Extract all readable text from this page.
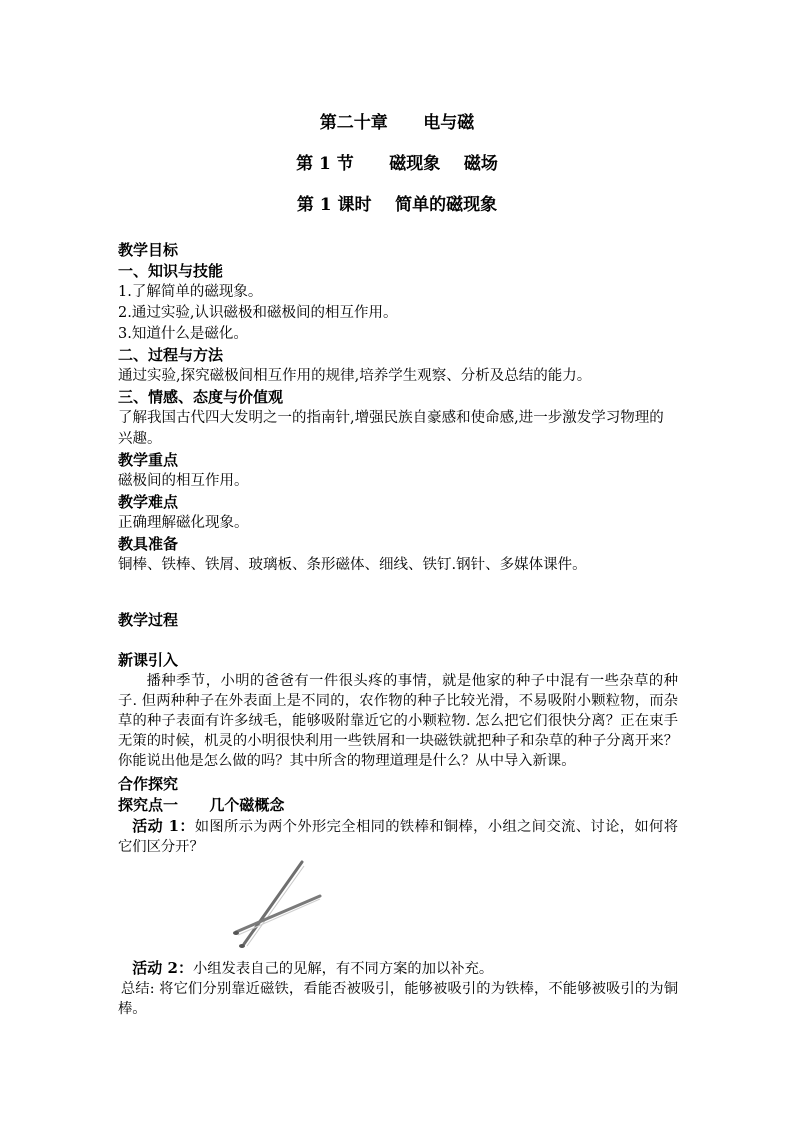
第二十章      电与磁
第 1 节      磁现象    磁场
第 1 课时    简单的磁现象
教学目标
一、知识与技能
1.了解简单的磁现象。
2.通过实验,认识磁极和磁极间的相互作用。
3.知道什么是磁化。
二、过程与方法
通过实验,探究磁极间相互作用的规律,培养学生观察、分析及总结的能力。
三、情感、态度与价值观
了解我国古代四大发明之一的指南针,增强民族自豪感和使命感,进一步激发学习物理的兴趣。
教学重点
磁极间的相互作用。
教学难点
正确理解磁化现象。
教具准备
铜棒、铁棒、铁屑、玻璃板、条形磁体、细线、铁钉.钢针、多媒体课件。
教学过程
新课引入
播种季节，小明的爸爸有一件很头疼的事情，就是他家的种子中混有一些杂草的种子. 但两种种子在外表面上是不同的，农作物的种子比较光滑，不易吸附小颗粒物，而杂草的种子表面有许多绒毛，能够吸附靠近它的小颗粒物. 怎么把它们很快分离？正在束手无策的时候，机灵的小明很快利用一些铁屑和一块磁铁就把种子和杂草的种子分离开来？你能说出他是怎么做的吗？其中所含的物理道理是什么？从中导入新课。
合作探究
探究点一      几个磁概念
活动 1：如图所示为两个外形完全相同的铁棒和铜棒，小组之间交流、讨论，如何将它们区分开？
活动 2：小组发表自己的见解，有不同方案的加以补充。
总结: 将它们分别靠近磁铁，看能否被吸引，能够被吸引的为铁棒，不能够被吸引的为铜棒。
